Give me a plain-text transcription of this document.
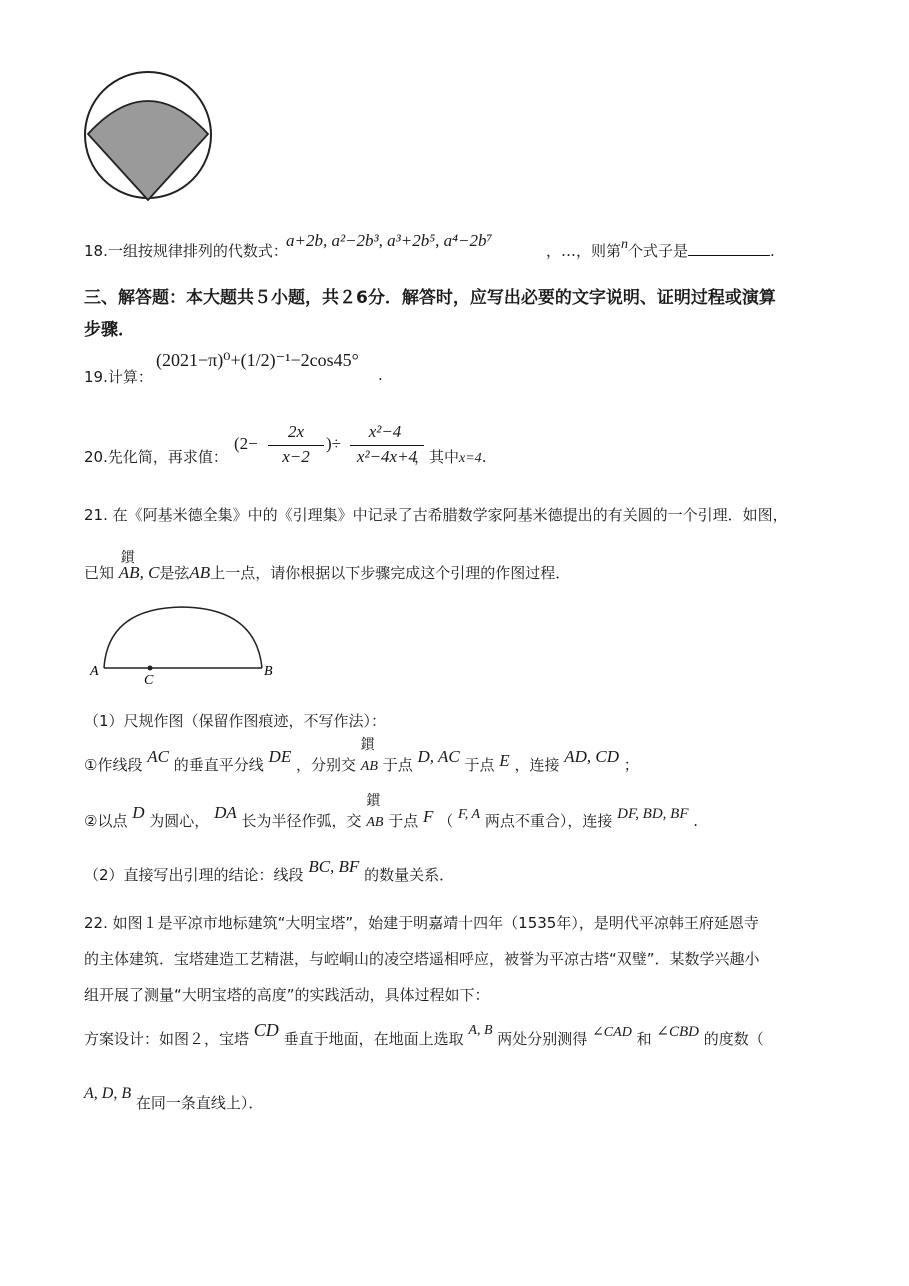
18.一组按规律排列的代数式：
a+2b, a²−2b³, a³+2b⁵, a⁴−2b⁷
，…，则第n个式子是	.
三、解答题：本大题共５小题，共２6分．解答时，应写出必要的文字说明、证明过程或演算
步骤．
19.计算：
(2021−π)⁰+(1/2)⁻¹−2cos45°
.
20.先化简，再求值：
(2−
2x
x−2
)÷
x²−4
x²−4x+4
，其中x=4.
21. 在《阿基米德全集》中的《引理集》中记录了古希腊数学家阿基米德提出的有关圆的一个引理．如图，
已知
鏆
AB, C是弦AB上一点，请你根据以下步骤完成这个引理的作图过程．
A	B
C
（1）尺规作图（保留作图痕迹，不写作法）：
①作线段 AC 的垂直平分线 DE ，分别交
鏆
AB 于点 D, AC 于点 E ，连接 AD, CD ；
②以点 D 为圆心， DA 长为半径作弧，交
鏆
AB 于点 F （ F, A 两点不重合），连接 DF, BD, BF .
（2）直接写出引理的结论：线段 BC, BF 的数量关系．
22. 如图１是平凉市地标建筑“大明宝塔”，始建于明嘉靖十四年（1535年），是明代平凉韩王府延恩寺
的主体建筑．宝塔建造工艺精湛，与崆峒山的凌空塔遥相呼应，被誉为平凉古塔“双璧”．某数学兴趣小
组开展了测量“大明宝塔的高度”的实践活动，具体过程如下：
方案设计：如图２，宝塔 CD 垂直于地面，在地面上选取 A, B 两处分别测得 ∠CAD 和 ∠CBD 的度数（
A, D, B 在同一条直线上）．
